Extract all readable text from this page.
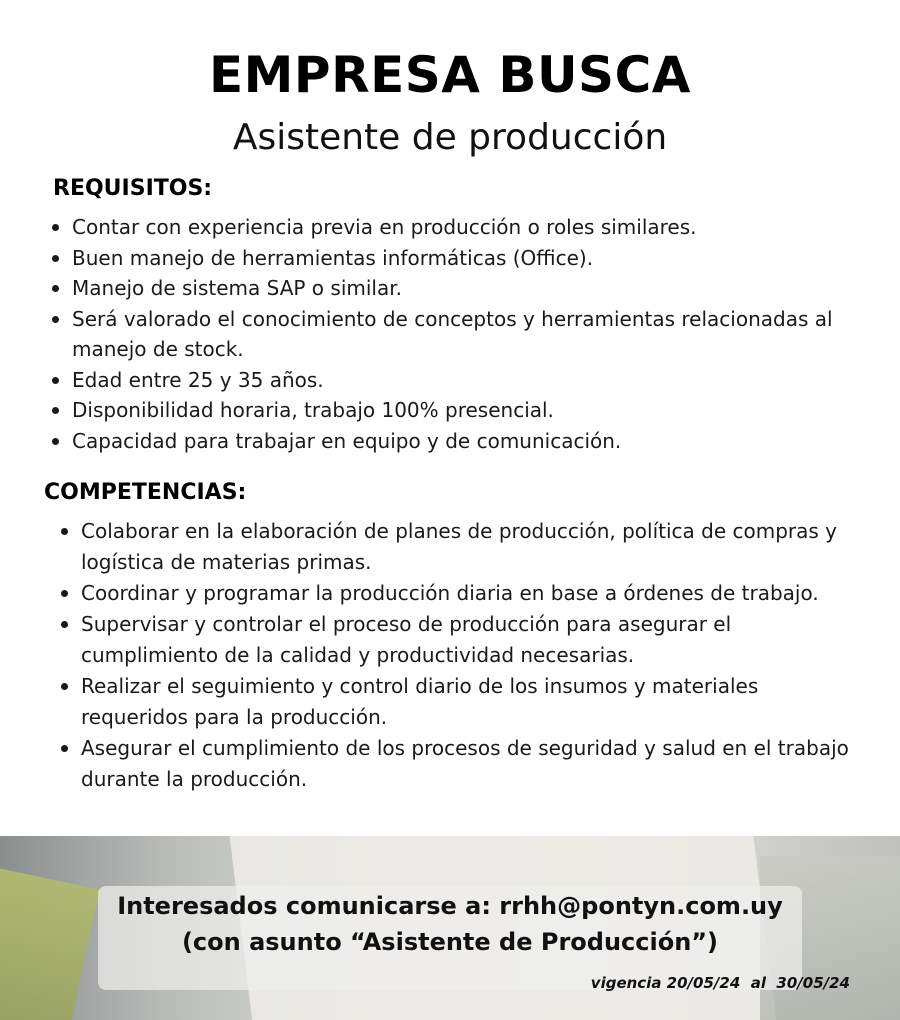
EMPRESA BUSCA
Asistente de producción
REQUISITOS:
Contar con experiencia previa en producción o roles similares.
Buen manejo de herramientas informáticas (Office).
Manejo de sistema SAP o similar.
Será valorado el conocimiento de conceptos y herramientas relacionadas al manejo de stock.
Edad entre 25 y 35 años.
Disponibilidad horaria, trabajo 100% presencial.
Capacidad para trabajar en equipo y de comunicación.
COMPETENCIAS:
Colaborar en la elaboración de planes de producción, política de compras y logística de materias primas.
Coordinar y programar la producción diaria en base a órdenes de trabajo.
Supervisar y controlar el proceso de producción para asegurar el cumplimiento de la calidad y productividad necesarias.
Realizar el seguimiento y control diario de los insumos y materiales requeridos para la producción.
Asegurar el cumplimiento de los procesos de seguridad y salud en el trabajo durante la producción.
Interesados comunicarse a: rrhh@pontyn.com.uy
(con asunto “Asistente de Producción”)
vigencia 20/05/24  al  30/05/24
